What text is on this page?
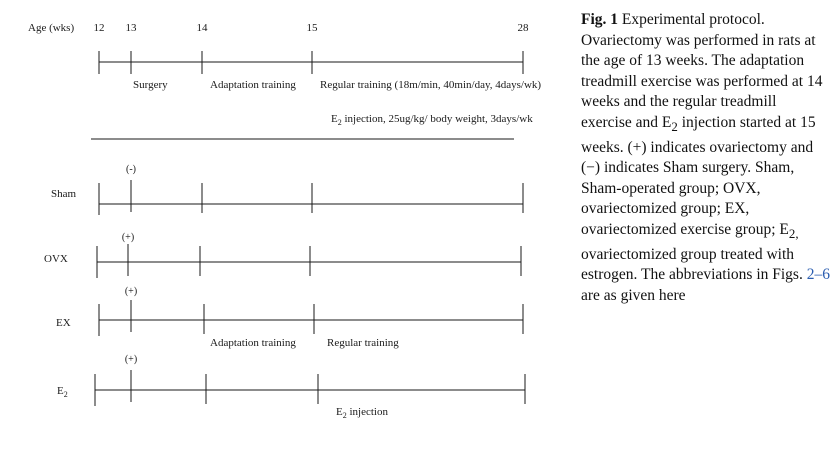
Age (wks) 12 13	14	15	28
Surgery	Adaptation training Regular training (18m/min, 40min/day, 4days/wk)
$E_2$ injection, 25ug/kg/ body weight, 3days/wk
Sham
(-)
OVX
(+)
EX
(+)
Adaptation training	Regular training
$E_2$
(+)
$E_2$ injection

Fig. 1 Experimental protocol. Ovariectomy was performed in rats at the age of 13 weeks. The adaptation treadmill exercise was performed at 14 weeks and the regular treadmill exercise and $E_2$ injection started at 15 weeks. (+) indicates ovariectomy and (−) indicates Sham surgery. Sham, Sham-operated group; OVX, ovariectomized group; EX, ovariectomized exercise group; $E_{2,}$ ovariectomized group treated with estrogen. The abbreviations in Figs. 2–6 are as given here
